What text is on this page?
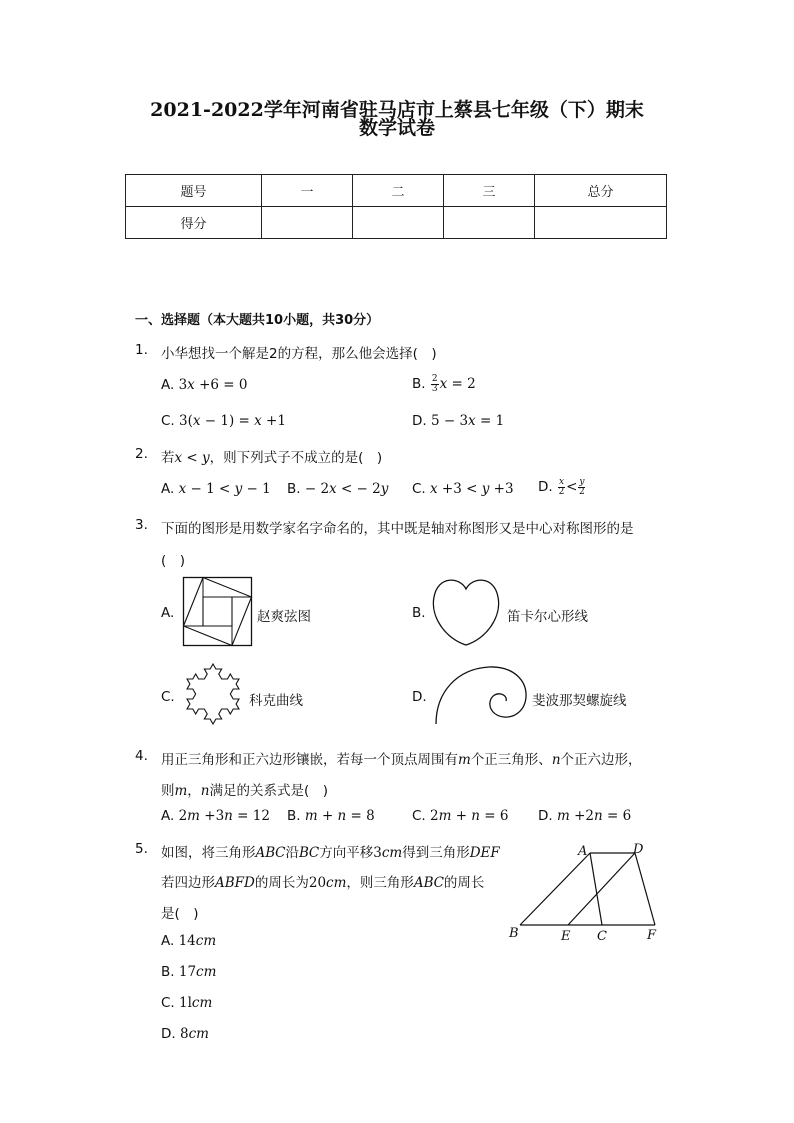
2021-2022学年河南省驻马店市上蔡县七年级（下）期末
数学试卷
题号	一	二	三	总分
得分				
一、选择题（本大题共10小题，共30分）
1. 小华想找一个解是2的方程，那么他会选择(　)
A. 3𝑥 +6 = 0	B. $\frac{2}{3}$ 𝑥 = 2
C. 3(𝑥 − 1) = 𝑥 +1	D. 5 − 3𝑥 = 1
2. 若𝑥 < 𝑦，则下列式子不成立的是(　)
A. 𝑥 − 1 < 𝑦 − 1 B. − 2𝑥 < − 2𝑦 C. 𝑥 +3 < 𝑦 +3 D. $\frac{\text{𝑥}}{2} < \frac{\text{𝑦}}{2}$
3. 下面的图形是用数学家名字命名的，其中既是轴对称图形又是中心对称图形的是
(　)
A.	赵爽弦图	B.	笛卡尔心形线
C.	科克曲线	D.	斐波那契螺旋线
4. 用正三角形和正六边形镶嵌，若每一个顶点周围有𝑚个正三角形、𝑛个正六边形，
则𝑚，𝑛满足的关系式是(　)
A. 2𝑚 +3𝑛 = 12 B. 𝑚 + 𝑛 = 8	C. 2𝑚 + 𝑛 = 6 D. 𝑚 +2𝑛 = 6
5. 如图，将三角形𝐴𝐵𝐶沿𝐵𝐶方向平移3𝑐𝑚得到三角形𝐷𝐸𝐹
若四边形𝐴𝐵𝐹𝐷的周长为20𝑐𝑚，则三角形𝐴𝐵𝐶的周长
是(　)
A. 14𝑐𝑚
B. 17𝑐𝑚
C. 1l𝑐𝑚
D. 8𝑐𝑚
A	D
B	E C	F
